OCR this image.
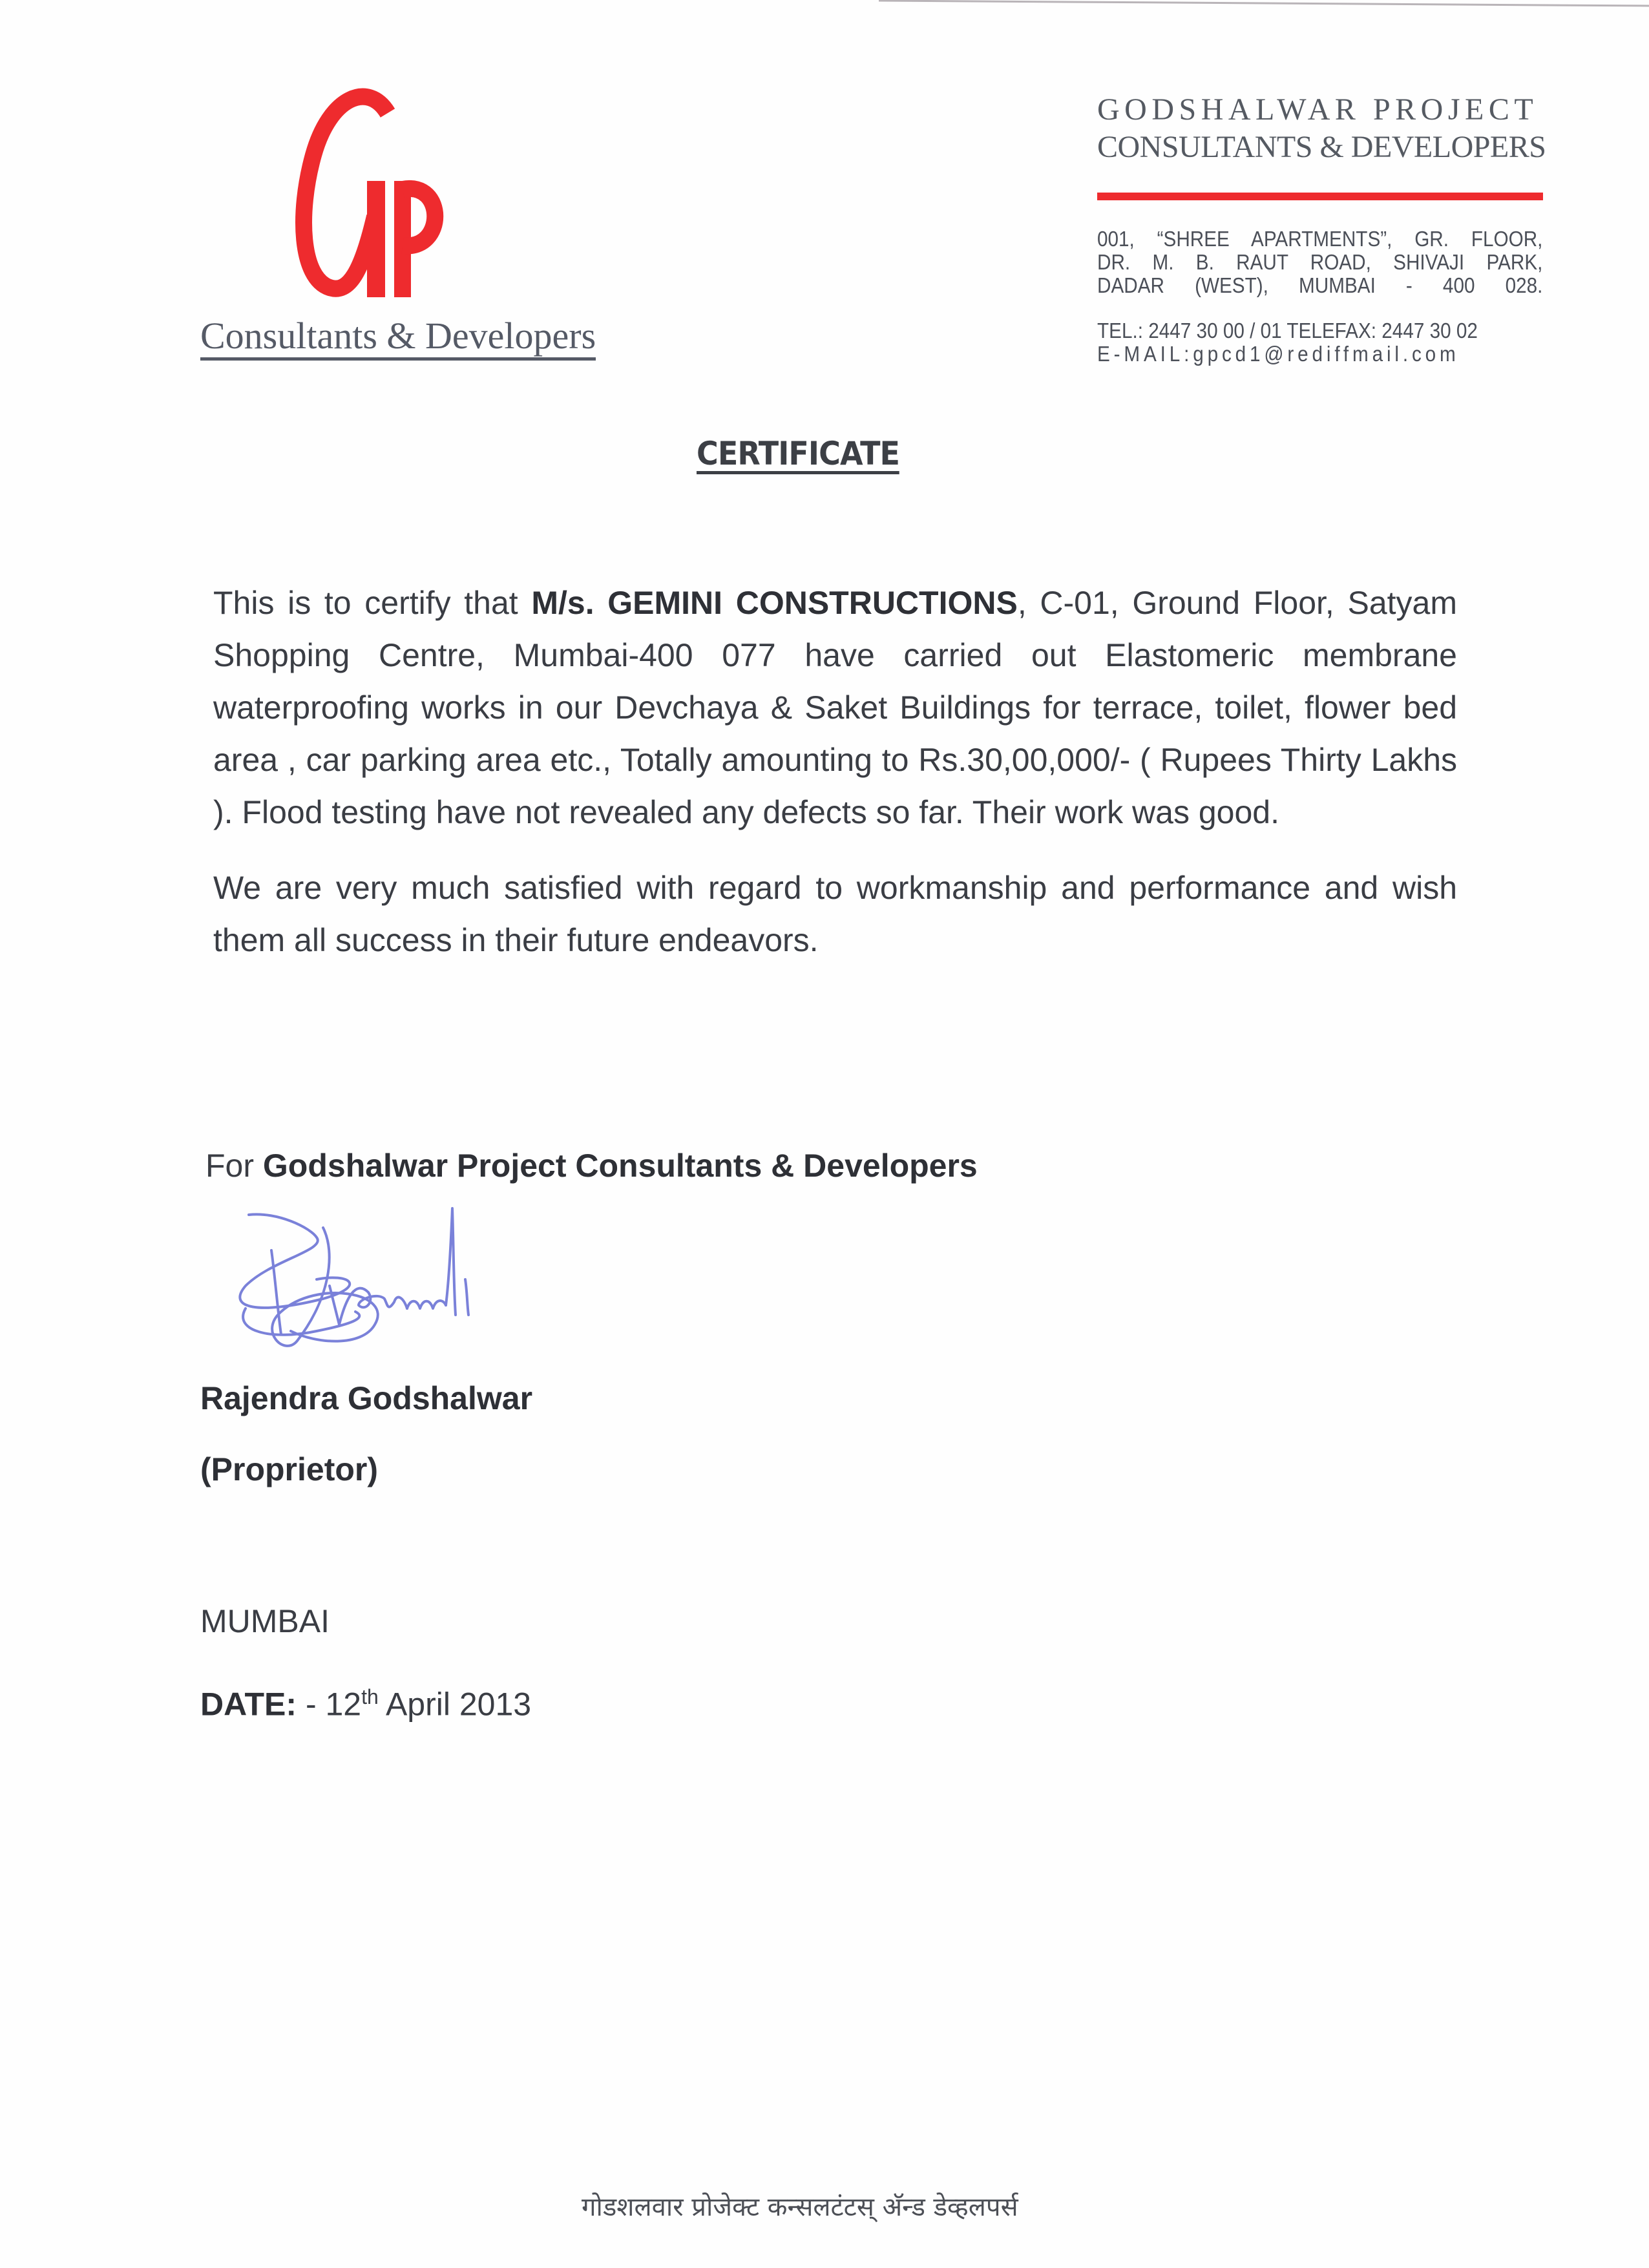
Consultants & Developers
GODSHALWAR PROJECT
CONSULTANTS & DEVELOPERS
001, “SHREE APARTMENTS”, GR. FLOOR,
DR. M. B. RAUT ROAD, SHIVAJI PARK,
DADAR (WEST), MUMBAI - 400 028.
TEL.: 2447 30 00 / 01 TELEFAX: 2447 30 02
E-MAIL:gpcd1@rediffmail.com
CERTIFICATE

This is to certify that M/s. GEMINI CONSTRUCTIONS, C-01, Ground Floor, Satyam Shopping Centre, Mumbai-400 077 have carried out Elastomeric membrane waterproofing works in our Devchaya & Saket Buildings for terrace, toilet, flower bed area , car parking area etc., Totally amounting to Rs.30,00,000/- ( Rupees Thirty Lakhs ). Flood testing have not revealed any defects so far. Their work was good.

We are very much satisfied with regard to workmanship and performance and wish them all success in their future endeavors.

For Godshalwar Project Consultants & Developers
Rajendra Godshalwar
(Proprietor)
MUMBAI
DATE: - 12th April 2013
गोडशलवार प्रोजेक्ट कन्सलटंटस् अ‍ॅन्ड डेव्हलपर्स
